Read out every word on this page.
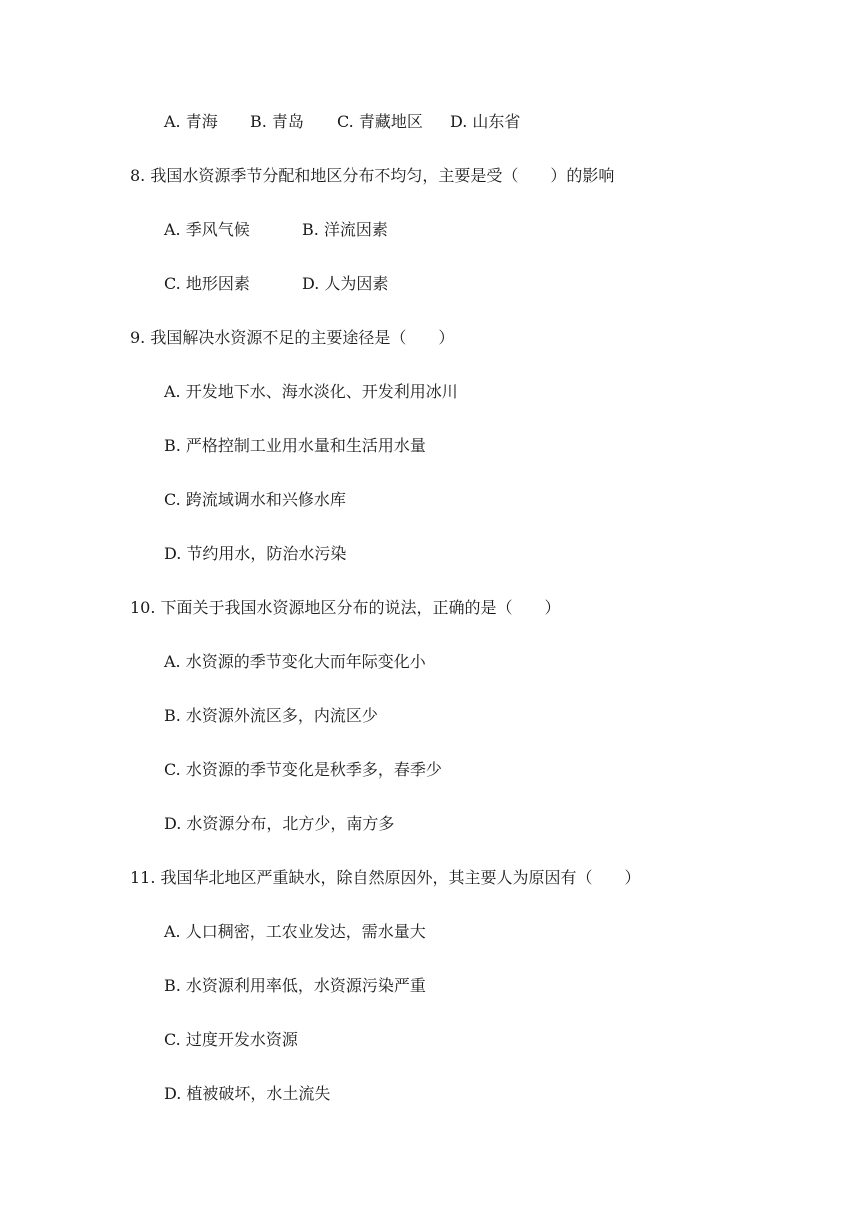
A. 青海

B. 青岛

C. 青藏地区

D. 山东省

8. 我国水资源季节分配和地区分布不均匀，主要是受（　　）的影响

A. 季风气候

	B. 洋流因素

C. 地形因素

	D. 人为因素

9. 我国解决水资源不足的主要途径是（　　）
A. 开发地下水、海水淡化、开发利用冰川
B. 严格控制工业用水量和生活用水量
C. 跨流域调水和兴修水库
D. 节约用水，防治水污染
10. 下面关于我国水资源地区分布的说法，正确的是（　　）
A. 水资源的季节变化大而年际变化小
B. 水资源外流区多，内流区少
C. 水资源的季节变化是秋季多，春季少
D. 水资源分布，北方少，南方多
11. 我国华北地区严重缺水，除自然原因外，其主要人为原因有（　　）
A. 人口稠密，工农业发达，需水量大
B. 水资源利用率低，水资源污染严重
C. 过度开发水资源
D. 植被破坏，水土流失
